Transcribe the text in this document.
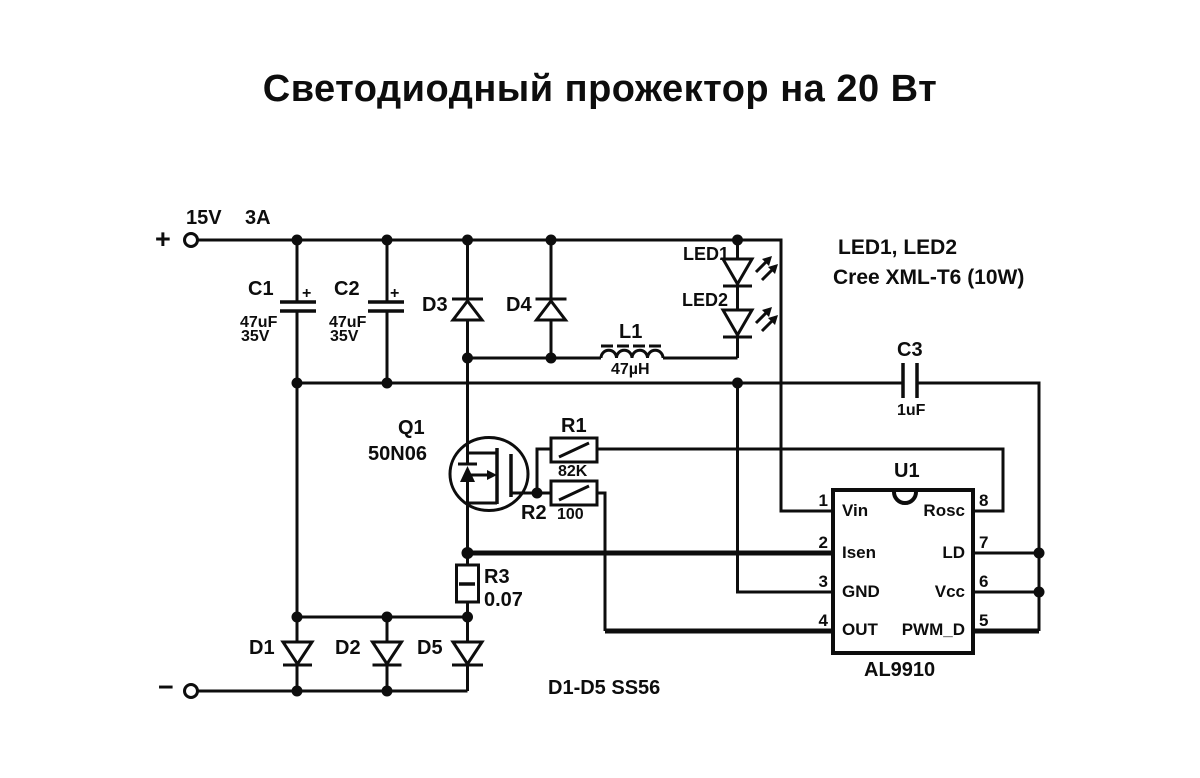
Светодиодный прожектор на 20 Вт
+
15V 3A
−
C1 +
47uF
35V
C2 +
47uF
35V
D3	D4
L1
47µH
LED1
LED2
LED1, LED2
Cree XML-T6 (10W)
C3
1uF
Q1
50N06
R1
82K
R2 100
R3
0.07
D1	D2	D5
D1-D5 SS56
U1
AL9910
1
2
3
4
8
7
6
5
Vin
Isen
GND
OUT
Rosc
LD
Vcc
PWM_D
